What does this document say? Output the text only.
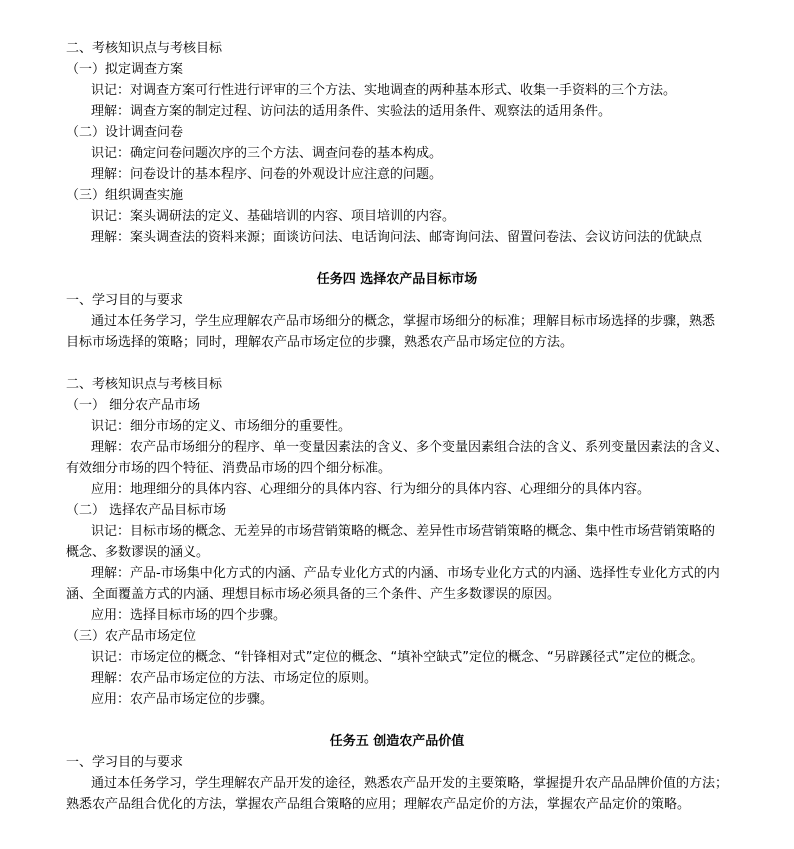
二、考核知识点与考核目标
（一）拟定调查方案
识记：对调查方案可行性进行评审的三个方法、实地调查的两种基本形式、收集一手资料的三个方法。
理解：调查方案的制定过程、访问法的适用条件、实验法的适用条件、观察法的适用条件。
（二）设计调查问卷
识记：确定问卷问题次序的三个方法、调查问卷的基本构成。
理解：问卷设计的基本程序、问卷的外观设计应注意的问题。
（三）组织调查实施
识记：案头调研法的定义、基础培训的内容、项目培训的内容。
理解：案头调查法的资料来源；面谈访问法、电话询问法、邮寄询问法、留置问卷法、会议访问法的优缺点
任务四 选择农产品目标市场
一、学习目的与要求
通过本任务学习，学生应理解农产品市场细分的概念，掌握市场细分的标准；理解目标市场选择的步骤，熟悉
目标市场选择的策略；同时，理解农产品市场定位的步骤，熟悉农产品市场定位的方法。
二、考核知识点与考核目标
（一） 细分农产品市场
识记：细分市场的定义、市场细分的重要性。
理解：农产品市场细分的程序、单一变量因素法的含义、多个变量因素组合法的含义、系列变量因素法的含义、
有效细分市场的四个特征、消费品市场的四个细分标准。
应用：地理细分的具体内容、心理细分的具体内容、行为细分的具体内容、心理细分的具体内容。
（二） 选择农产品目标市场
识记：目标市场的概念、无差异的市场营销策略的概念、差异性市场营销策略的概念、集中性市场营销策略的
概念、多数谬误的涵义。
理解：产品-市场集中化方式的内涵、产品专业化方式的内涵、市场专业化方式的内涵、选择性专业化方式的内
涵、全面覆盖方式的内涵、理想目标市场必须具备的三个条件、产生多数谬误的原因。
应用：选择目标市场的四个步骤。
（三）农产品市场定位
识记：市场定位的概念、“针锋相对式”定位的概念、“填补空缺式”定位的概念、“另辟蹊径式”定位的概念。
理解：农产品市场定位的方法、市场定位的原则。
应用：农产品市场定位的步骤。
任务五 创造农产品价值
一、学习目的与要求
通过本任务学习，学生理解农产品开发的途径，熟悉农产品开发的主要策略，掌握提升农产品品牌价值的方法；
熟悉农产品组合优化的方法，掌握农产品组合策略的应用；理解农产品定价的方法，掌握农产品定价的策略。
